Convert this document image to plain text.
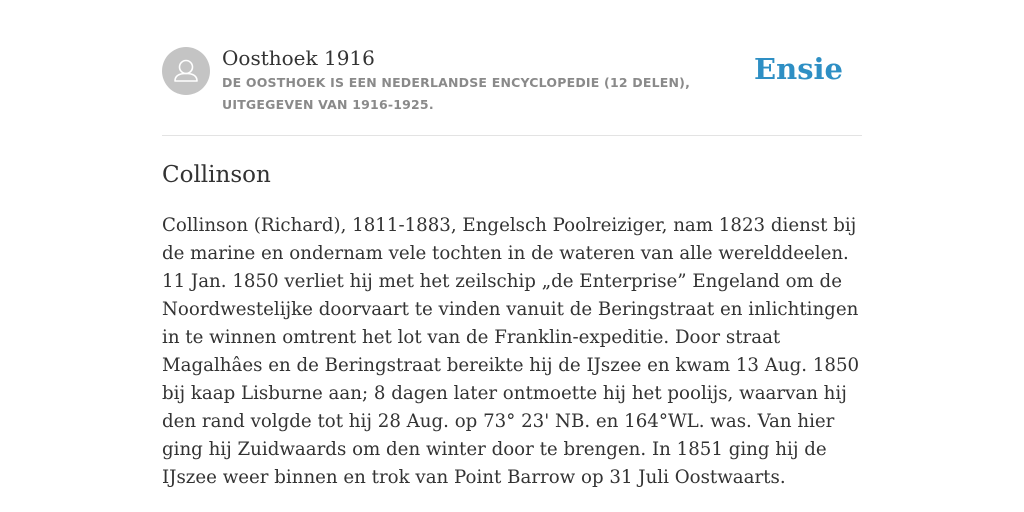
Oosthoek 1916
DE OOSTHOEK IS EEN NEDERLANDSE ENCYCLOPEDIE (12 DELEN), UITGEGEVEN VAN 1916-1925.
Ensie
Collinson

Collinson (Richard), 1811-1883, Engelsch Poolreiziger, nam 1823 dienst bij de marine en ondernam vele tochten in de wateren van alle werelddeelen. 11 Jan. 1850 verliet hij met het zeilschip „de Enterprise” Engeland om de Noordwestelijke doorvaart te vinden vanuit de Beringstraat en inlichtingen in te winnen omtrent het lot van de Franklin-expeditie. Door straat Magalhâes en de Beringstraat bereikte hij de IJszee en kwam 13 Aug. 1850 bij kaap Lisburne aan; 8 dagen later ontmoette hij het poolijs, waarvan hij den rand volgde tot hij 28 Aug. op 73° 23' NB. en 164°WL. was. Van hier ging hij Zuidwaards om den winter door te brengen. In 1851 ging hij de IJszee weer binnen en trok van Point Barrow op 31 Juli Oostwaarts.
